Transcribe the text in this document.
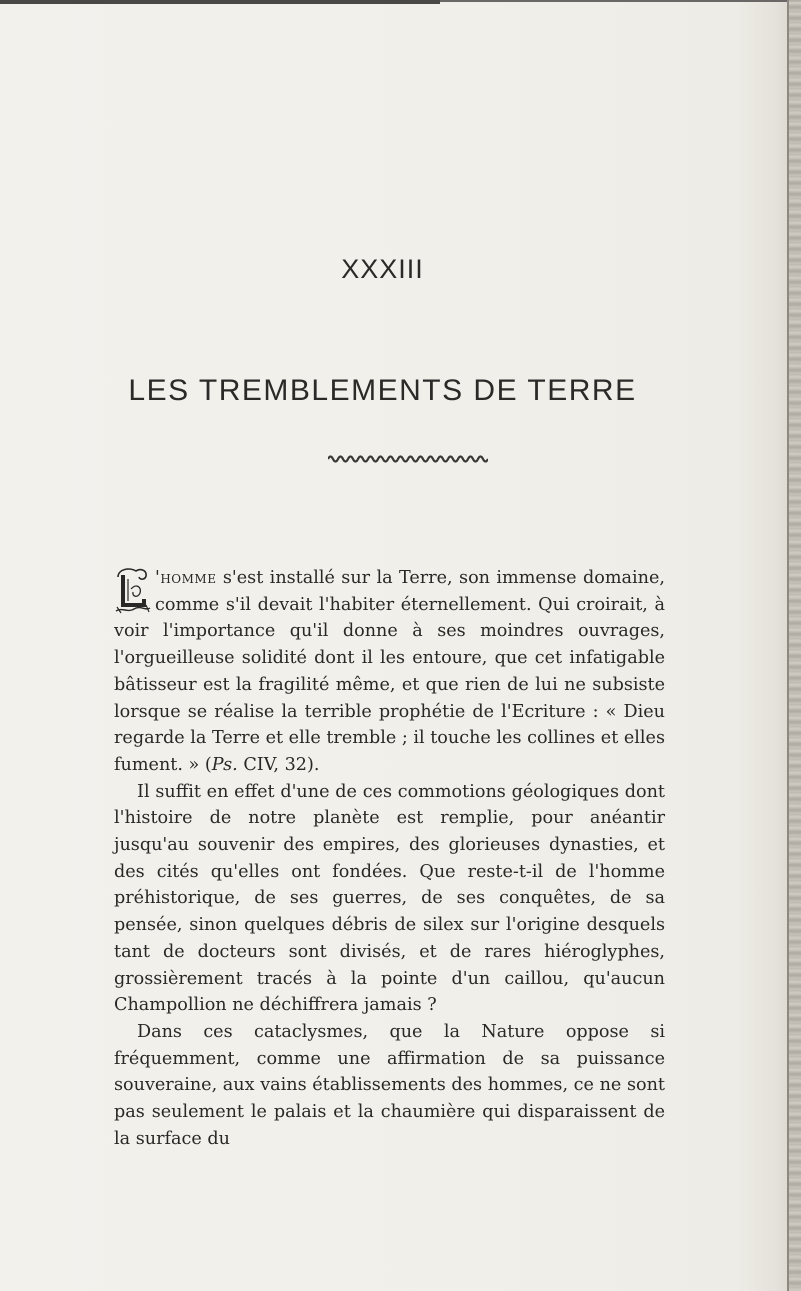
XXXIII
LES TREMBLEMENTS DE TERRE

'homme s'est installé sur la Terre, son immense domaine, comme s'il devait l'habiter éternellement. Qui croirait, à voir l'importance qu'il donne à ses moindres ouvrages, l'orgueilleuse solidité dont il les entoure, que cet infatigable bâtisseur est la fragilité même, et que rien de lui ne subsiste lorsque se réalise la terrible prophétie de l'Ecriture : « Dieu regarde la Terre et elle tremble ; il touche les collines et elles fument. » (Ps. CIV, 32).

Il suffit en effet d'une de ces commotions géologiques dont l'histoire de notre planète est remplie, pour anéantir jusqu'au souvenir des empires, des glorieuses dynasties, et des cités qu'elles ont fondées. Que reste-t-il de l'homme préhistorique, de ses guerres, de ses conquêtes, de sa pensée, sinon quelques débris de silex sur l'origine desquels tant de docteurs sont divisés, et de rares hiéroglyphes, grossièrement tracés à la pointe d'un caillou, qu'aucun Champollion ne déchiffrera jamais ?

Dans ces cataclysmes, que la Nature oppose si fréquemment, comme une affirmation de sa puissance souveraine, aux vains établissements des hommes, ce ne sont pas seulement le palais et la chaumière qui disparaissent de la surface du
